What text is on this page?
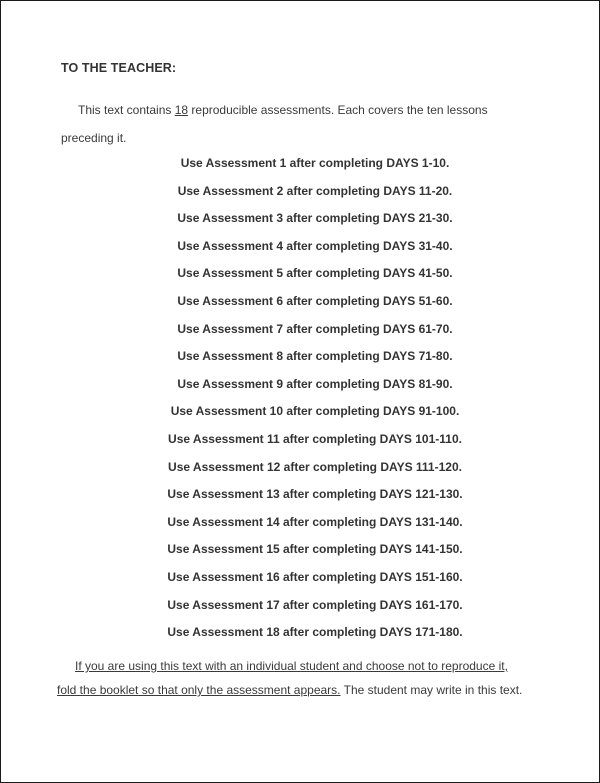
TO THE TEACHER:
This text contains 18 reproducible assessments. Each covers the ten lessons
preceding it.
Use Assessment 1 after completing DAYS 1-10.
Use Assessment 2 after completing DAYS 11-20.
Use Assessment 3 after completing DAYS 21-30.
Use Assessment 4 after completing DAYS 31-40.
Use Assessment 5 after completing DAYS 41-50.
Use Assessment 6 after completing DAYS 51-60.
Use Assessment 7 after completing DAYS 61-70.
Use Assessment 8 after completing DAYS 71-80.
Use Assessment 9 after completing DAYS 81-90.
Use Assessment 10 after completing DAYS 91-100.
Use Assessment 11 after completing DAYS 101-110.
Use Assessment 12 after completing DAYS 111-120.
Use Assessment 13 after completing DAYS 121-130.
Use Assessment 14 after completing DAYS 131-140.
Use Assessment 15 after completing DAYS 141-150.
Use Assessment 16 after completing DAYS 151-160.
Use Assessment 17 after completing DAYS 161-170.
Use Assessment 18 after completing DAYS 171-180.
If you are using this text with an individual student and choose not to reproduce it,
fold the booklet so that only the assessment appears. The student may write in this text.
